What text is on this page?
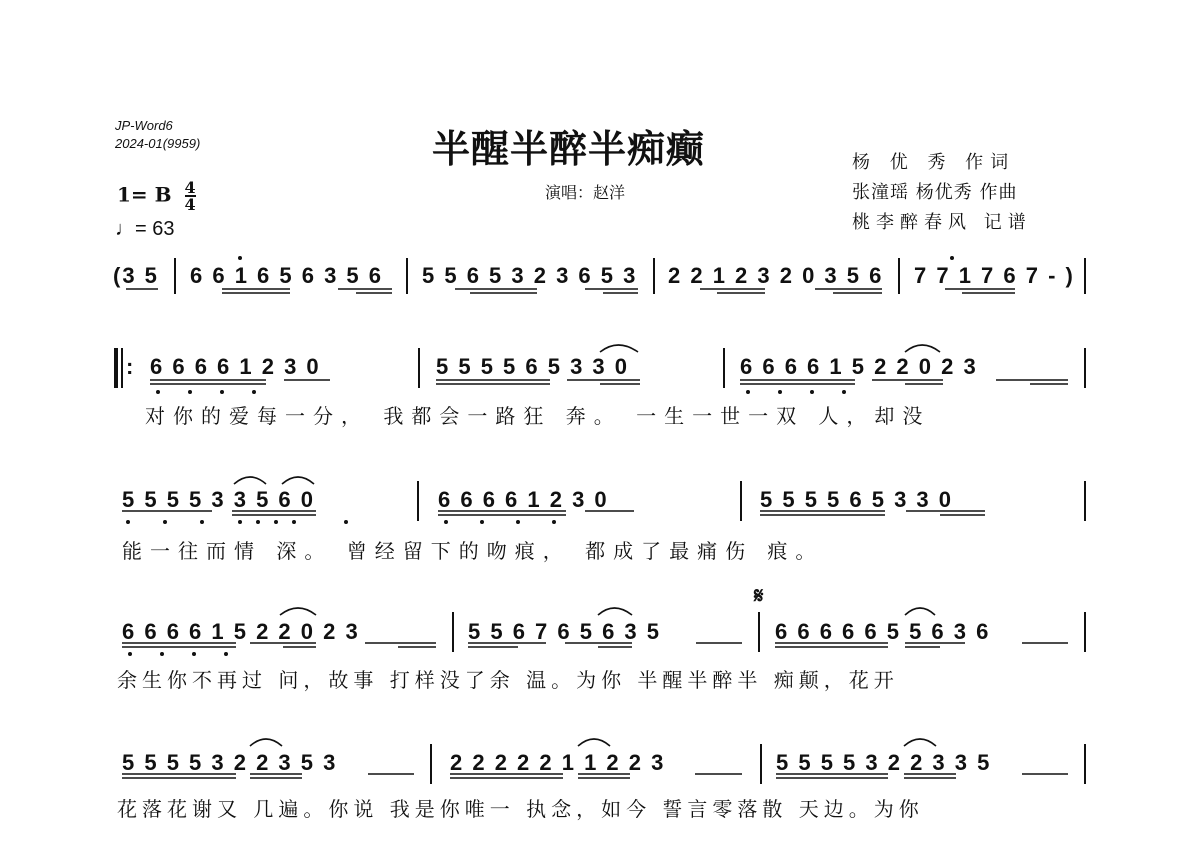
JP-Word6
2024-01(9959)	半醒半醉半痴癫
演唱：赵洋
杨 优 秀 作词
张潼瑶 杨优秀 作曲
桃李醉春风 记谱
1= B $\frac{4}{4}$
♩= 63
(3 5 6 6 1 6 5 6 3 5 6 5 5 6 5 3 2 3 6 5 3 2 2 1 2 3 2 0 3 5 6 7 7 1 7 6 7 - )
: 6 6 6 6 1 2 3 0	5 5 5 5 6 5 3 3 0	6 6 6 6 1 5 2 2 0 2 3
对你的爱每一分， 我都会一路狂 奔。 一生一世一双 人，却没
5 5 5 5 3 3 5 6 0	6 6 6 6 1 2 3 0	5 5 5 5 6 5 3 3 0
能一往而情 深。 曾经留下的吻痕， 都成了最痛伤 痕。
𝄋
6 6 6 6 1 5 2 2 0 2 3	5 5 6 7 6 5 6 3 5	6 6 6 6 6 5 5 6 3 6
余生你不再过 问，故事 打样没了余 温。为你 半醒半醉半 痴颠，花开
5 5 5 5 3 2 2 3 5 3	2 2 2 2 2 1 1 2 2 3	5 5 5 5 3 2 2 3 3 5
花落花谢又 几遍。你说 我是你唯一 执念，如今 誓言零落散 天边。为你
